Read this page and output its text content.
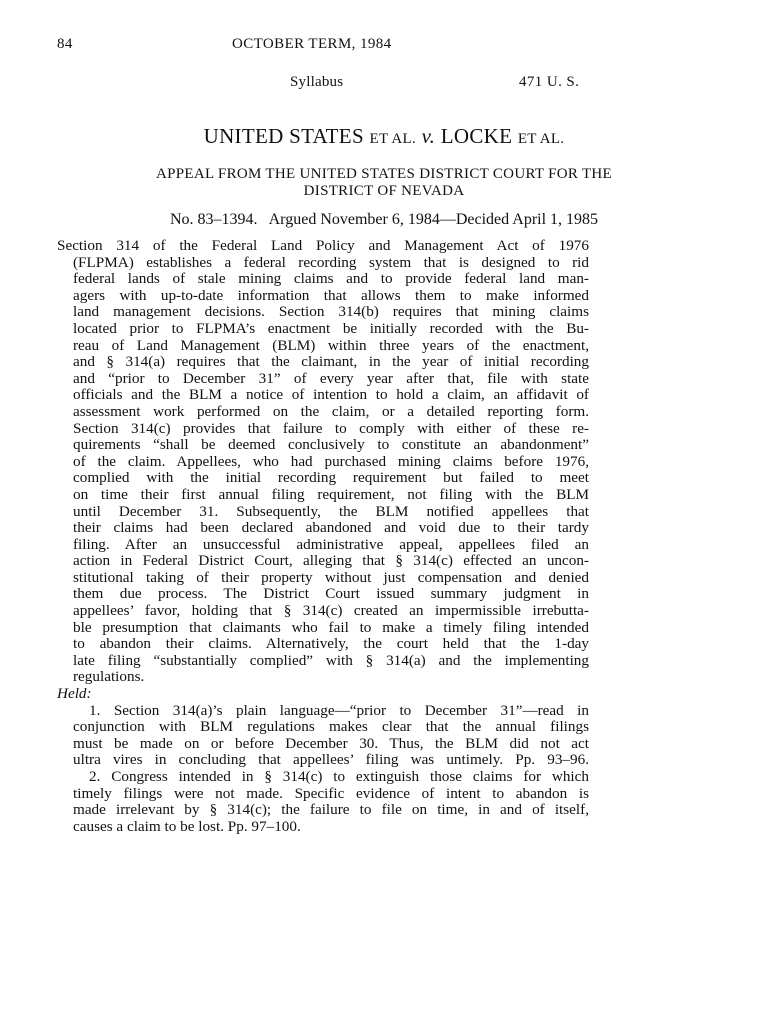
84	OCTOBER TERM, 1984
Syllabus	471 U. S.
UNITED STATES ET AL. v. LOCKE ET AL.
APPEAL FROM THE UNITED STATES DISTRICT COURT FOR THE
DISTRICT OF NEVADA
No. 83–1394.   Argued November 6, 1984—Decided April 1, 1985

Section 314 of the Federal Land Policy and Management Act of 1976
(FLPMA) establishes a federal recording system that is designed to rid
federal lands of stale mining claims and to provide federal land man-
agers with up-to-date information that allows them to make informed
land management decisions. Section 314(b) requires that mining claims
located prior to FLPMA’s enactment be initially recorded with the Bu-
reau of Land Management (BLM) within three years of the enactment,
and § 314(a) requires that the claimant, in the year of initial recording
and “prior to December 31” of every year after that, file with state
officials and the BLM a notice of intention to hold a claim, an affidavit of
assessment work performed on the claim, or a detailed reporting form.
Section 314(c) provides that failure to comply with either of these re-
quirements “shall be deemed conclusively to constitute an abandonment”
of the claim. Appellees, who had purchased mining claims before 1976,
complied with the initial recording requirement but failed to meet
on time their first annual filing requirement, not filing with the BLM
until December 31. Subsequently, the BLM notified appellees that
their claims had been declared abandoned and void due to their tardy
filing. After an unsuccessful administrative appeal, appellees filed an
action in Federal District Court, alleging that § 314(c) effected an uncon-
stitutional taking of their property without just compensation and denied
them due process. The District Court issued summary judgment in
appellees’ favor, holding that § 314(c) created an impermissible irrebutta-
ble presumption that claimants who fail to make a timely filing intended
to abandon their claims. Alternatively, the court held that the 1-day
late filing “substantially complied” with § 314(a) and the implementing
regulations.

Held:

1. Section 314(a)’s plain language—“prior to December 31”—read in
conjunction with BLM regulations makes clear that the annual filings
must be made on or before December 30. Thus, the BLM did not act
ultra vires in concluding that appellees’ filing was untimely. Pp. 93–96.

2. Congress intended in § 314(c) to extinguish those claims for which
timely filings were not made. Specific evidence of intent to abandon is
made irrelevant by § 314(c); the failure to file on time, in and of itself,
causes a claim to be lost. Pp. 97–100.
